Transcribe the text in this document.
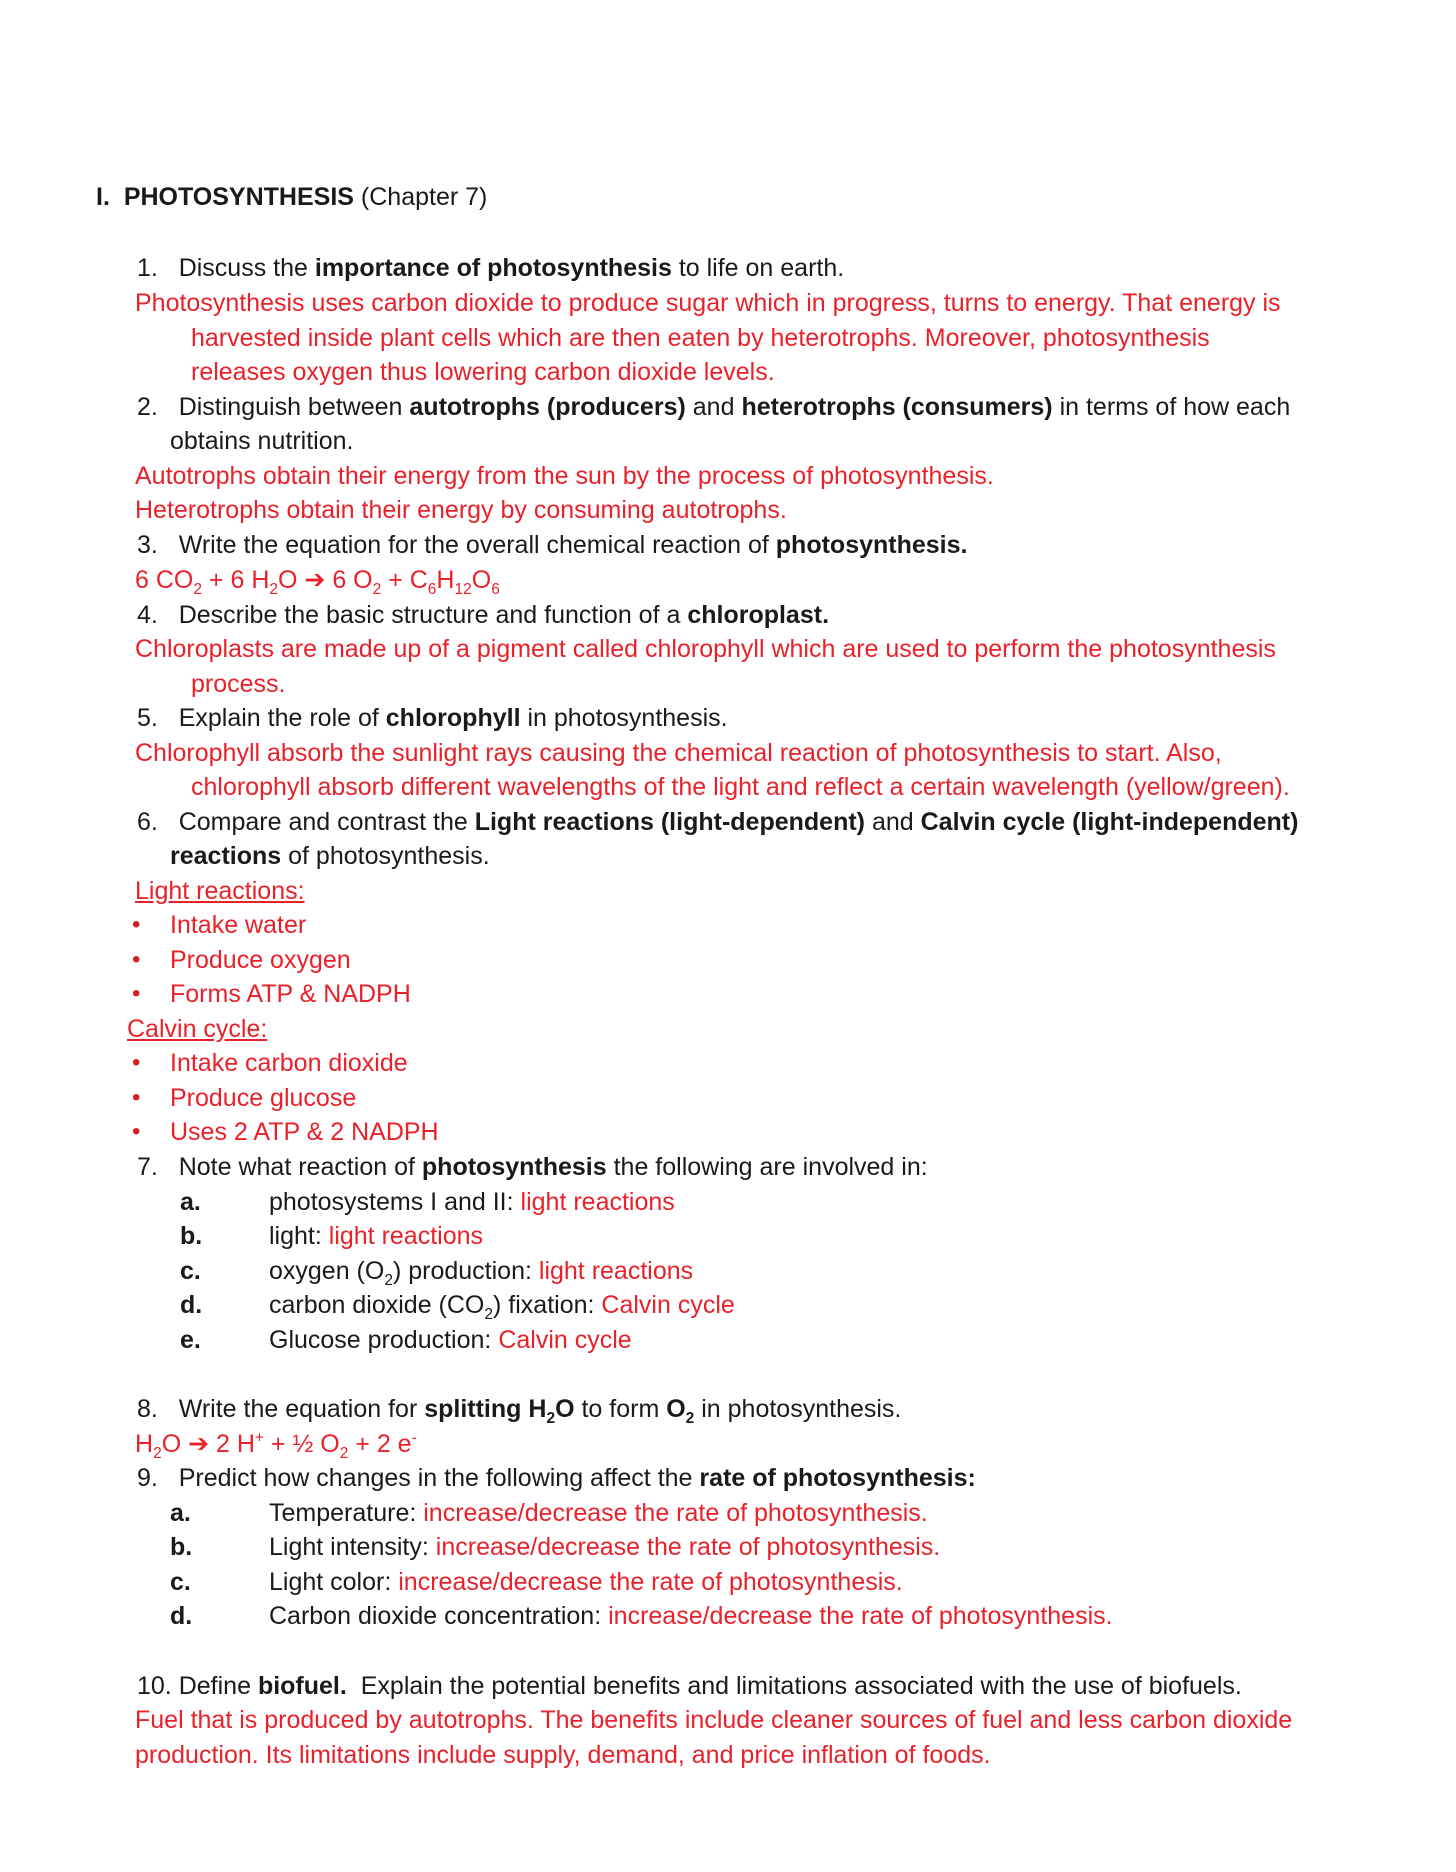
I. PHOTOSYNTHESIS (Chapter 7)
1. Discuss the importance of photosynthesis to life on earth.
Photosynthesis uses carbon dioxide to produce sugar which in progress, turns to energy. That energy is
harvested inside plant cells which are then eaten by heterotrophs. Moreover, photosynthesis
releases oxygen thus lowering carbon dioxide levels.
2. Distinguish between autotrophs (producers) and heterotrophs (consumers) in terms of how each
obtains nutrition.
Autotrophs obtain their energy from the sun by the process of photosynthesis.
Heterotrophs obtain their energy by consuming autotrophs.
3. Write the equation for the overall chemical reaction of photosynthesis.
6 $CO_2 + 6$ $H_2O$ ➔ 6 $O_2 + C_6H_{12}O_6$
4. Describe the basic structure and function of a chloroplast.
Chloroplasts are made up of a pigment called chlorophyll which are used to perform the photosynthesis
process.
5. Explain the role of chlorophyll in photosynthesis.
Chlorophyll absorb the sunlight rays causing the chemical reaction of photosynthesis to start. Also,
chlorophyll absorb different wavelengths of the light and reflect a certain wavelength (yellow/green).
6. Compare and contrast the Light reactions (light-dependent) and Calvin cycle (light-independent)
reactions of photosynthesis.
Light reactions:
• Intake water
• Produce oxygen
• Forms ATP & NADPH
Calvin cycle:
• Intake carbon dioxide
• Produce glucose
• Uses 2 ATP & 2 NADPH
7. Note what reaction of photosynthesis the following are involved in:
a.	photosystems I and II: light reactions
b.	light: light reactions
c.	oxygen $(O_2)$ production: light reactions
d.	carbon dioxide $(CO_2)$ fixation: Calvin cycle
e.	Glucose production: Calvin cycle
8. Write the equation for splitting $H_2O$ to form $O_2$ in photosynthesis.
$H_2O$ ➔ 2 H+ + ½ $O_2 + 2$ e-
9. Predict how changes in the following affect the rate of photosynthesis:
a.	Temperature: increase/decrease the rate of photosynthesis.
b.	Light intensity: increase/decrease the rate of photosynthesis.
c.	Light color: increase/decrease the rate of photosynthesis.
d.	Carbon dioxide concentration: increase/decrease the rate of photosynthesis.
10. Define biofuel. Explain the potential benefits and limitations associated with the use of biofuels.
Fuel that is produced by autotrophs. The benefits include cleaner sources of fuel and less carbon dioxide
production. Its limitations include supply, demand, and price inflation of foods.
